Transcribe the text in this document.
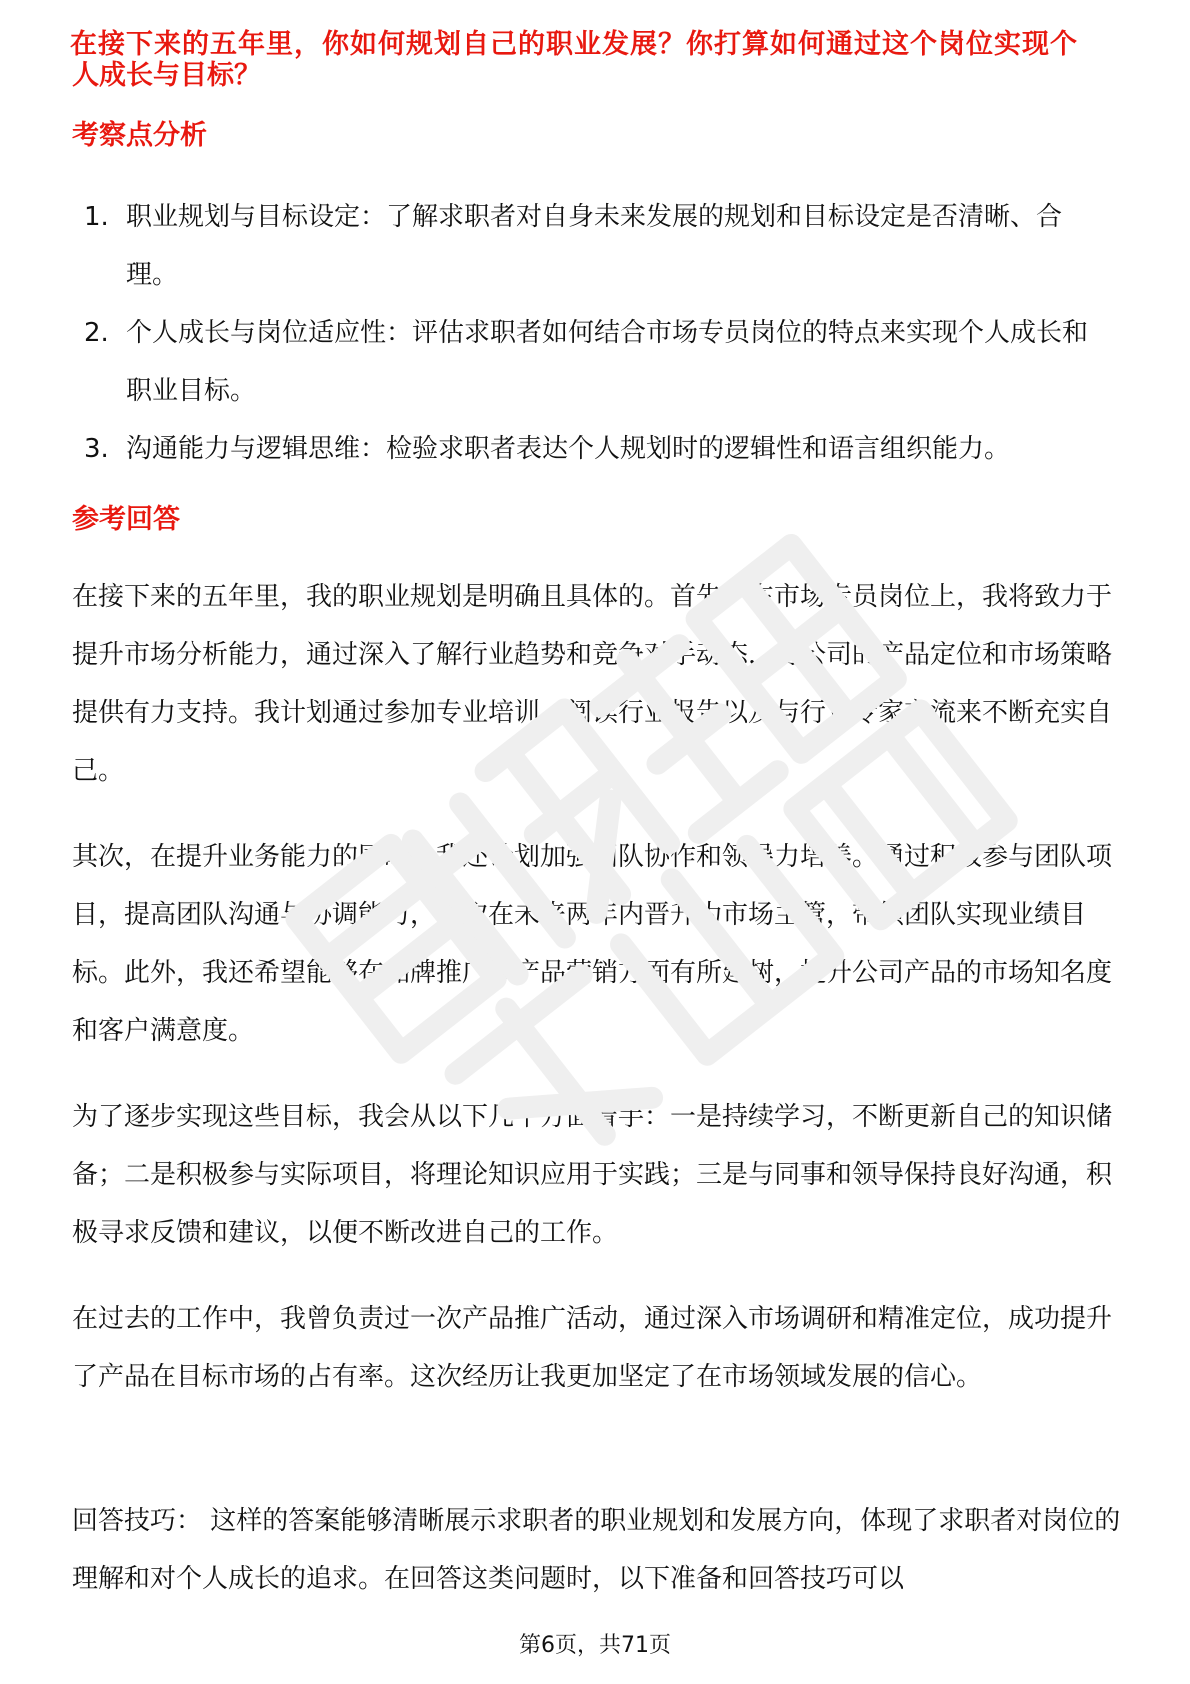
在接下来的五年里，你如何规划自己的职业发展？你打算如何通过这个岗位实现个
人成长与目标？
考察点分析
1. 职业规划与目标设定：了解求职者对自身未来发展的规划和目标设定是否清晰、合理。
2. 个人成长与岗位适应性：评估求职者如何结合市场专员岗位的特点来实现个人成长和职业目标。
3. 沟通能力与逻辑思维：检验求职者表达个人规划时的逻辑性和语言组织能力。
参考回答

在接下来的五年里，我的职业规划是明确且具体的。首先，在市场专员岗位上，我将致力于提升市场分析能力，通过深入了解行业趋势和竞争对手动态，为公司的产品定位和市场策略提供有力支持。我计划通过参加专业培训、阅读行业报告以及与行业专家交流来不断充实自己。

其次，在提升业务能力的同时，我还计划加强团队协作和领导力培养。通过积极参与团队项目，提高团队沟通与协调能力，争取在未来两年内晋升为市场主管，带领团队实现业绩目标。此外，我还希望能够在品牌推广和产品营销方面有所建树，提升公司产品的市场知名度和客户满意度。

为了逐步实现这些目标，我会从以下几个方面着手：一是持续学习，不断更新自己的知识储备；二是积极参与实际项目，将理论知识应用于实践；三是与同事和领导保持良好沟通，积极寻求反馈和建议，以便不断改进自己的工作。

在过去的工作中，我曾负责过一次产品推广活动，通过深入市场调研和精准定位，成功提升了产品在目标市场的占有率。这次经历让我更加坚定了在市场领域发展的信心。

回答技巧： 这样的答案能够清晰展示求职者的职业规划和发展方向，体现了求职者对岗位的理解和对个人成长的追求。在回答这类问题时，以下准备和回答技巧可以

第6页，共71页
